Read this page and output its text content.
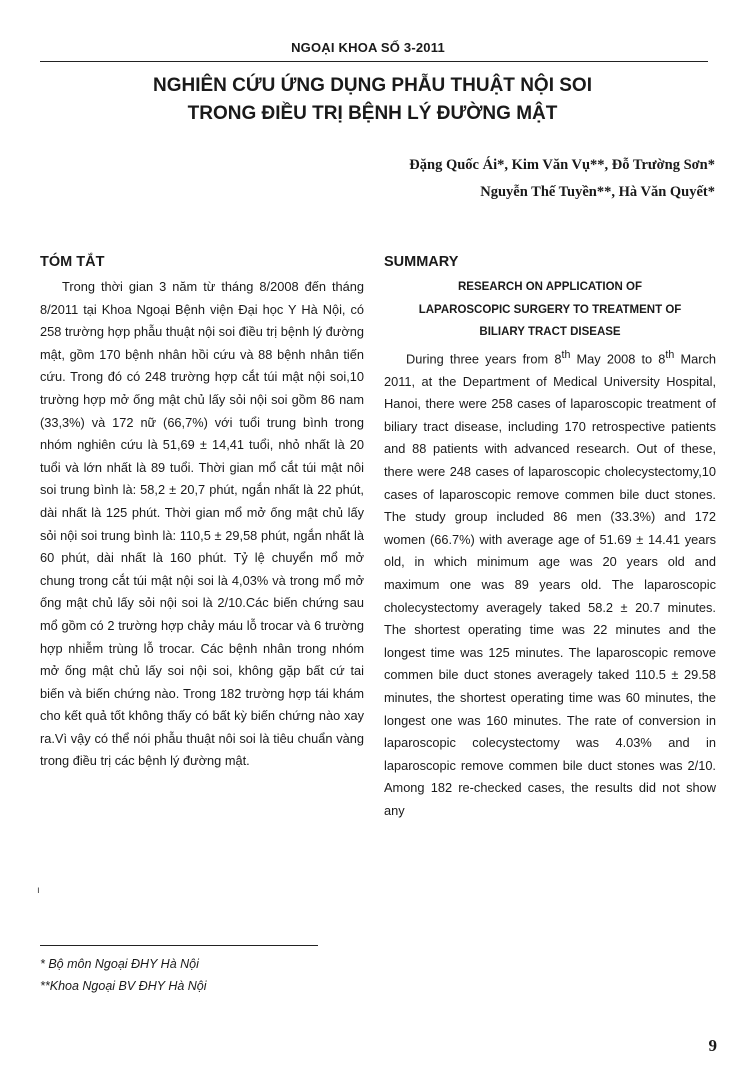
NGOẠI KHOA SỐ 3-2011
NGHIÊN CỨU ỨNG DỤNG PHẪU THUẬT NỘI SOI
TRONG ĐIỀU TRỊ BỆNH LÝ ĐƯỜNG MẬT
Đặng Quốc Ái*, Kim Văn Vụ**, Đỗ Trường Sơn*
Nguyễn Thế Tuyền**, Hà Văn Quyết*
TÓM TẮT	SUMMARY

Trong thời gian 3 năm từ tháng 8/2008 đến tháng 8/2011 tại Khoa Ngoại Bệnh viện Đại học Y Hà Nội, có 258 trường hợp phẫu thuật nội soi điều trị bệnh lý đường mật, gồm 170 bệnh nhân hồi cứu và 88 bệnh nhân tiến cứu. Trong đó có 248 trường hợp cắt túi mật nội soi,10 trường hợp mở ống mật chủ lấy sỏi nội soi gồm 86 nam (33,3%) và 172 nữ (66,7%) với tuổi trung bình trong nhóm nghiên cứu là 51,69 ± 14,41 tuổi, nhỏ nhất là 20 tuổi và lớn nhất là 89 tuổi. Thời gian mổ cắt túi mật nôi soi trung bình là: 58,2 ± 20,7 phút, ngắn nhất là 22 phút, dài nhất là 125 phút. Thời gian mổ mở ống mật chủ lấy sỏi nội soi trung bình là: 110,5 ± 29,58 phút, ngắn nhất là 60 phút, dài nhất là 160 phút. Tỷ lệ chuyển mổ mở chung trong cắt túi mật nội soi là 4,03% và trong mổ mở ống mật chủ lấy sỏi nội soi là 2/10.Các biến chứng sau mổ gồm có 2 trường hợp chảy máu lỗ trocar và 6 trường hợp nhiễm trùng lỗ trocar. Các bệnh nhân trong nhóm mở ống mật chủ lấy soi nội soi, không gặp bất cứ tai biến và biến chứng nào. Trong 182 trường hợp tái khám cho kết quả tốt không thấy có bất kỳ biến chứng nào xay ra.Vì vậy có thể nói phẫu thuật nôi soi là tiêu chuẩn vàng trong điều trị các bệnh lý đường mật.

RESEARCH ON APPLICATION OF
LAPAROSCOPIC SURGERY TO TREATMENT OF
BILIARY TRACT DISEASE

During three years from 8th May 2008 to 8th March 2011, at the Department of Medical University Hospital, Hanoi, there were 258 cases of laparoscopic treatment of biliary tract disease, including 170 retrospective patients and 88 patients with advanced research. Out of these, there were 248 cases of laparoscopic cholecystectomy,10 cases of laparoscopic remove commen bile duct stones. The study group included 86 men (33.3%) and 172 women (66.7%) with average age of 51.69 ± 14.41 years old, in which minimum age was 20 years old and maximum one was 89 years old. The laparoscopic cholecystectomy averagely taked 58.2 ± 20.7 minutes. The shortest operating time was 22 minutes and the longest time was 125 minutes. The laparoscopic remove commen bile duct stones averagely taked 110.5 ± 29.58 minutes, the shortest operating time was 60 minutes, the longest one was 160 minutes. The rate of conversion in laparoscopic colecystectomy was 4.03% and in laparoscopic remove commen bile duct stones was 2/10. Among 182 re-checked cases, the results did not show any

ı
* Bộ môn Ngoại ĐHY Hà Nội
**Khoa Ngoại BV ĐHY Hà Nội
9
